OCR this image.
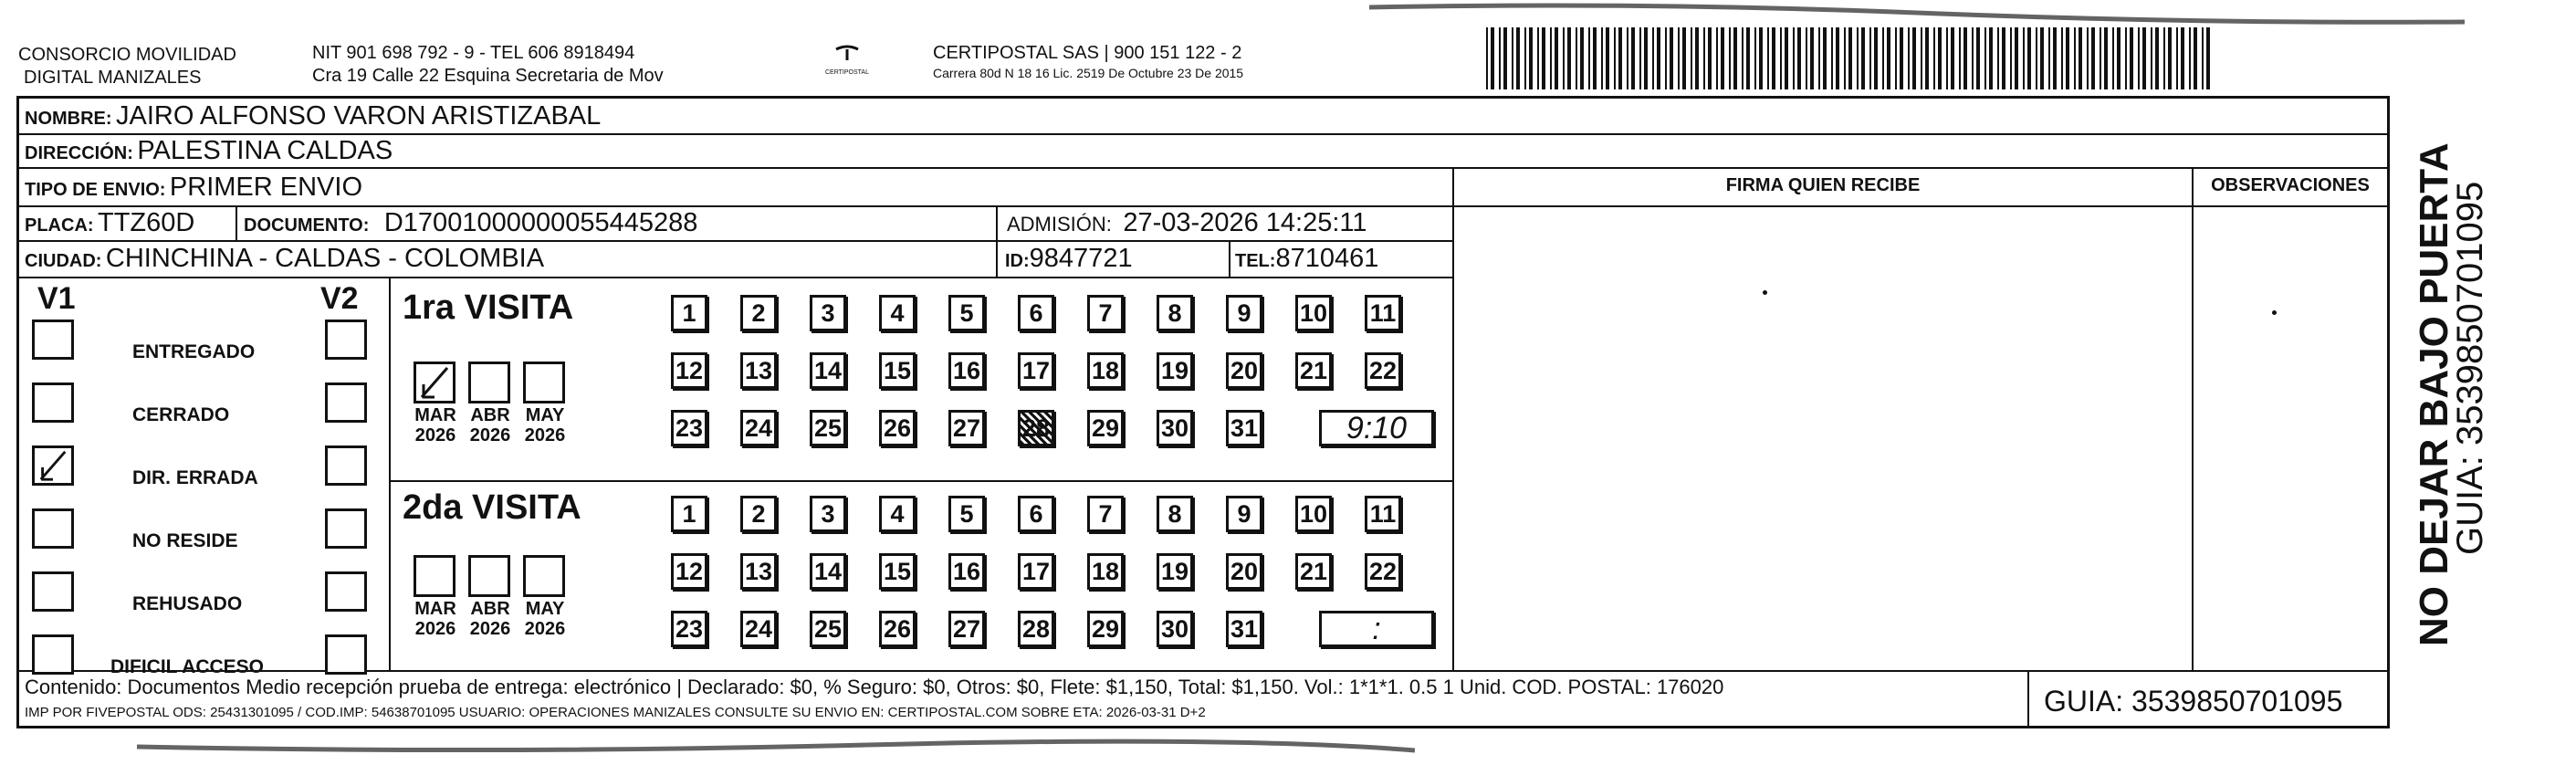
CONSORCIO MOVILIDAD
DIGITAL MANIZALES
NIT 901 698 792 - 9 - TEL 606 8918494
Cra 19 Calle 22 Esquina Secretaria de Mov	CERTIPOSTAL
CERTIPOSTAL SAS | 900 151 122 - 2
Carrera 80d N 18 16 Lic. 2519 De Octubre 23 De 2015
NOMBRE: JAIRO ALFONSO VARON ARISTIZABAL
DIRECCIÓN: PALESTINA CALDAS
TIPO DE ENVIO: PRIMER ENVIO	FIRMA QUIEN RECIBE	OBSERVACIONES
PLACA: TTZ60D	DOCUMENTO: D17001000000055445288	ADMISIÓN: 27-03-2026 14:25:11
CIUDAD: CHINCHINA - CALDAS - COLOMBIA	ID:9847721	TEL:8710461
V1	V2
ENTREGADO
CERRADO
DIR. ERRADA
NO RESIDE
REHUSADO
DIFICIL ACCESO
1ra VISITA
2da VISITA
MAR
2026
ABR
2026
MAY
2026
MAR
2026
ABR
2026
MAY
2026
1	2	3	4	5	6	7	8	9	10 11
12 13 14 15 16 17 18 19 20 21 22
23 24 25 26 27 28 29 30 31	9:10
1	2	3	4	5	6	7	8	9	10 11
12 13 14 15 16 17 18 19 20 21 22
23 24 25 26 27 28 29 30 31	:
Contenido: Documentos Medio recepción prueba de entrega: electrónico | Declarado: $0, % Seguro: $0, Otros: $0, Flete: $1,150, Total: $1,150. Vol.: 1*1*1. 0.5 1 Unid. COD. POSTAL: 176020
IMP POR FIVEPOSTAL ODS: 25431301095 / COD.IMP: 54638701095 USUARIO: OPERACIONES MANIZALES CONSULTE SU ENVIO EN: CERTIPOSTAL.COM SOBRE ETA: 2026-03-31 D+2	GUIA: 3539850701095
NO DEJAR BAJO PUERTA
GUIA: 3539850701095
